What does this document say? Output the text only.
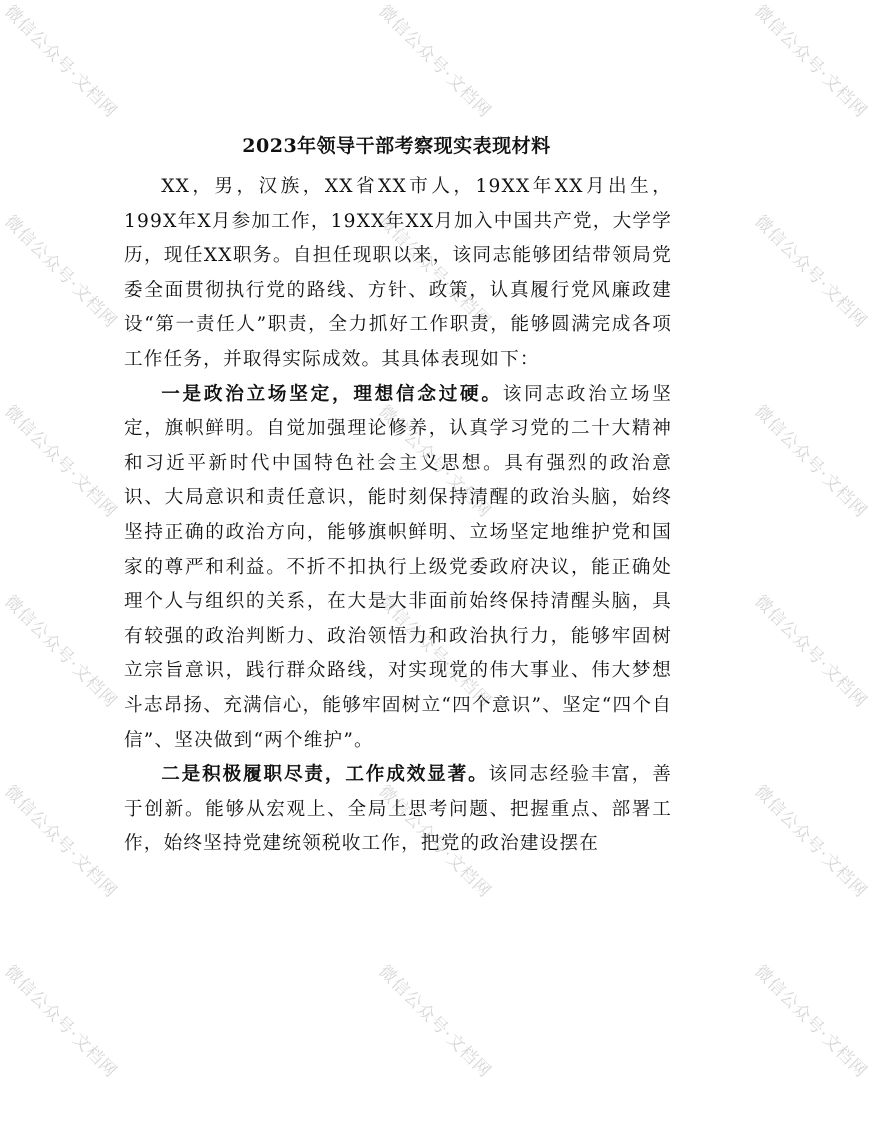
微信公众号·文档网	微信公众号·文档网	微信公众号·文档网
微信公众号·文档网	微信公众号·文档网	微信公众号·文档网
微信公众号·文档网	微信公众号·文档网	微信公众号·文档网
微信公众号·文档网	微信公众号·文档网	微信公众号·文档网
微信公众号·文档网	微信公众号·文档网	微信公众号·文档网
微信公众号·文档网	微信公众号·文档网	微信公众号·文档网
2023年领导干部考察现实表现材料

XX，男，汉族，XX省XX市人，19XX年XX月出生，199X年X月参加工作，19XX年XX月加入中国共产党，大学学历，现任XX职务。自担任现职以来，该同志能够团结带领局党委全面贯彻执行党的路线、方针、政策，认真履行党风廉政建设“第一责任人”职责，全力抓好工作职责，能够圆满完成各项工作任务，并取得实际成效。其具体表现如下：

一是政治立场坚定，理想信念过硬。该同志政治立场坚定，旗帜鲜明。自觉加强理论修养，认真学习党的二十大精神和习近平新时代中国特色社会主义思想。具有强烈的政治意识、大局意识和责任意识，能时刻保持清醒的政治头脑，始终坚持正确的政治方向，能够旗帜鲜明、立场坚定地维护党和国家的尊严和利益。不折不扣执行上级党委政府决议，能正确处理个人与组织的关系，在大是大非面前始终保持清醒头脑，具有较强的政治判断力、政治领悟力和政治执行力，能够牢固树立宗旨意识，践行群众路线，对实现党的伟大事业、伟大梦想斗志昂扬、充满信心，能够牢固树立“四个意识”、坚定“四个自信”、坚决做到“两个维护”。

二是积极履职尽责，工作成效显著。该同志经验丰富，善于创新。能够从宏观上、全局上思考问题、把握重点、部署工作，始终坚持党建统领税收工作，把党的政治建设摆在
